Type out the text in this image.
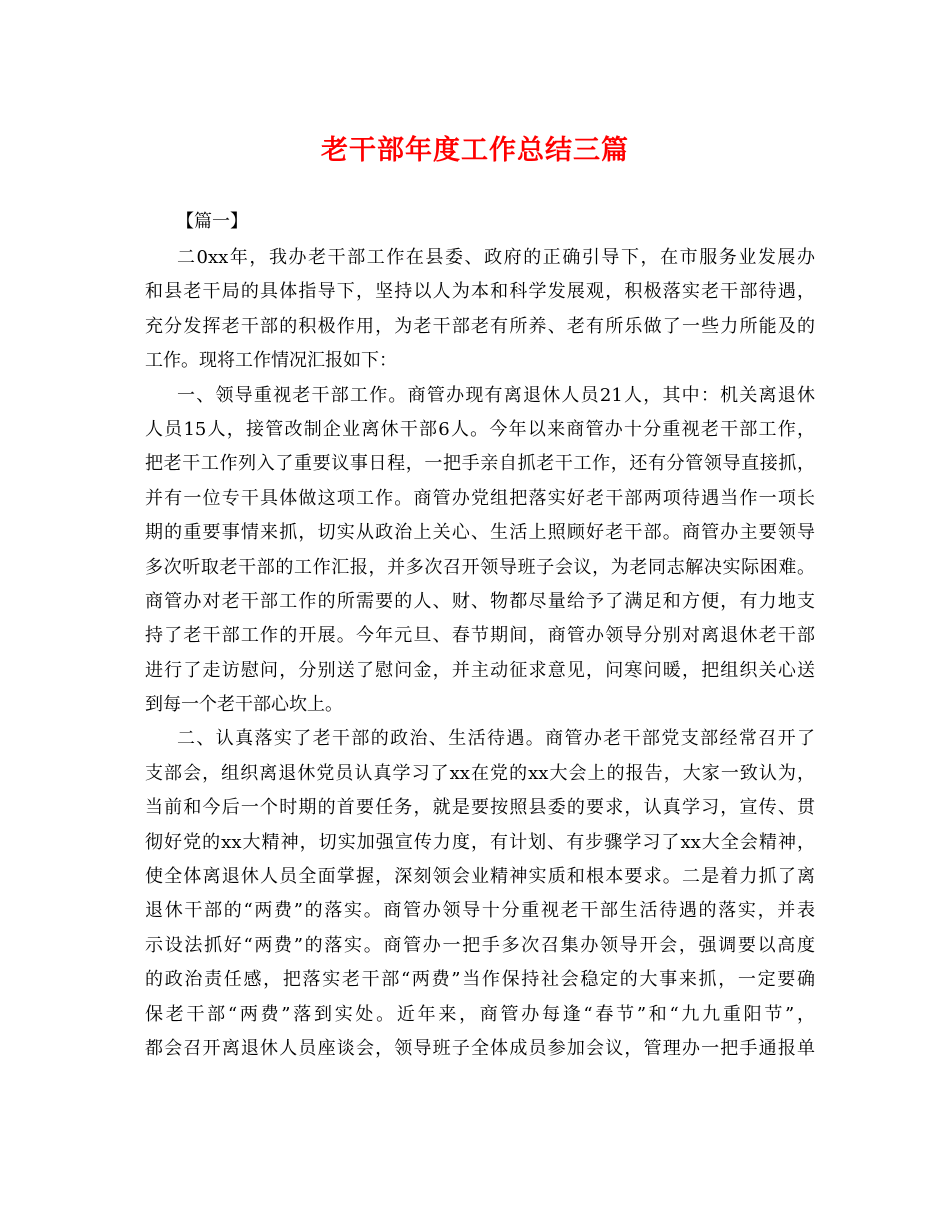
老干部年度工作总结三篇
【篇一】
二0xx年，我办老干部工作在县委、政府的正确引导下，在市服务业发展办
和县老干局的具体指导下，坚持以人为本和科学发展观，积极落实老干部待遇，
充分发挥老干部的积极作用，为老干部老有所养、老有所乐做了一些力所能及的
工作。现将工作情况汇报如下：
一、领导重视老干部工作。商管办现有离退休人员21人，其中：机关离退休
人员15人，接管改制企业离休干部6人。今年以来商管办十分重视老干部工作，
把老干工作列入了重要议事日程，一把手亲自抓老干工作，还有分管领导直接抓，
并有一位专干具体做这项工作。商管办党组把落实好老干部两项待遇当作一项长
期的重要事情来抓，切实从政治上关心、生活上照顾好老干部。商管办主要领导
多次听取老干部的工作汇报，并多次召开领导班子会议，为老同志解决实际困难。
商管办对老干部工作的所需要的人、财、物都尽量给予了满足和方便，有力地支
持了老干部工作的开展。今年元旦、春节期间，商管办领导分别对离退休老干部
进行了走访慰问，分别送了慰问金，并主动征求意见，问寒问暖，把组织关心送
到每一个老干部心坎上。
二、认真落实了老干部的政治、生活待遇。商管办老干部党支部经常召开了
支部会，组织离退休党员认真学习了xx在党的xx大会上的报告，大家一致认为，
当前和今后一个时期的首要任务，就是要按照县委的要求，认真学习，宣传、贯
彻好党的xx大精神，切实加强宣传力度，有计划、有步骤学习了xx大全会精神，
使全体离退休人员全面掌握，深刻领会业精神实质和根本要求。二是着力抓了离
退休干部的“两费”的落实。商管办领导十分重视老干部生活待遇的落实，并表
示设法抓好“两费”的落实。商管办一把手多次召集办领导开会，强调要以高度
的政治责任感，把落实老干部“两费”当作保持社会稳定的大事来抓，一定要确
保老干部“两费”落到实处。近年来，商管办每逢“春节”和“九九重阳节”，
都会召开离退休人员座谈会，领导班子全体成员参加会议，管理办一把手通报单
